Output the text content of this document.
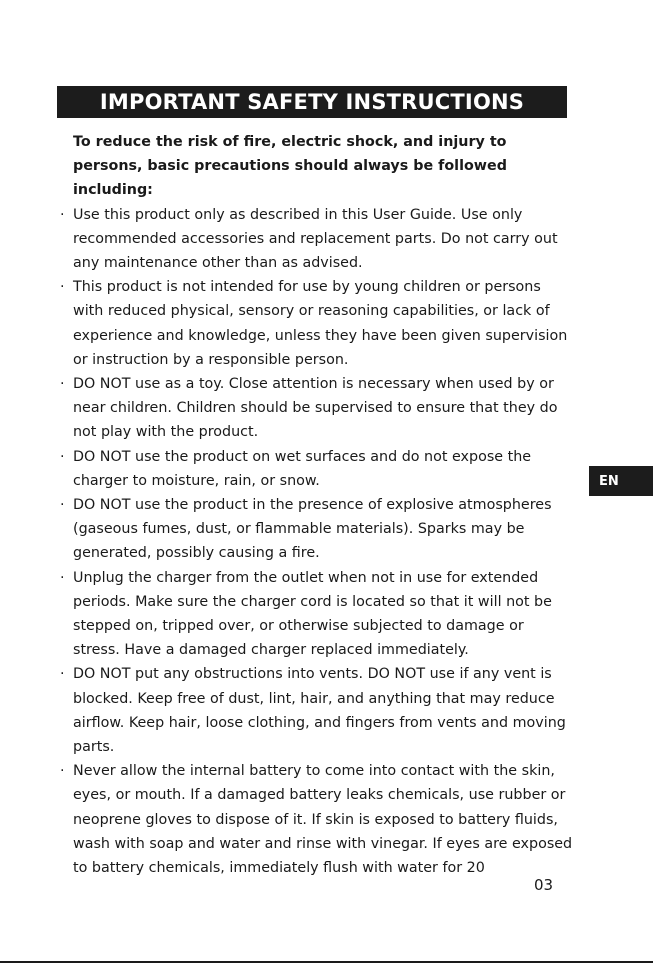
IMPORTANT SAFETY INSTRUCTIONS

To reduce the risk of fire, electric shock, and injury to persons, basic precautions should always be followed including:

· Use this product only as described in this User Guide. Use only recommended accessories and replacement parts. Do not carry out any maintenance other than as advised.
· This product is not intended for use by young children or persons with reduced physical, sensory or reasoning capabilities, or lack of experience and knowledge, unless they have been given supervision or instruction by a responsible person.
· DO NOT use as a toy. Close attention is necessary when used by or near children. Children should be supervised to ensure that they do not play with the product.
· DO NOT use the product on wet surfaces and do not expose the charger to moisture, rain, or snow.
· DO NOT use the product in the presence of explosive atmospheres (gaseous fumes, dust, or flammable materials). Sparks may be generated, possibly causing a fire.
· Unplug the charger from the outlet when not in use for extended periods. Make sure the charger cord is located so that it will not be stepped on, tripped over, or otherwise subjected to damage or stress. Have a damaged charger replaced immediately.
· DO NOT put any obstructions into vents. DO NOT use if any vent is blocked. Keep free of dust, lint, hair, and anything that may reduce airflow. Keep hair, loose clothing, and fingers from vents and moving parts.
· Never allow the internal battery to come into contact with the skin, eyes, or mouth. If a damaged battery leaks chemicals, use rubber or neoprene gloves to dispose of it. If skin is exposed to battery fluids, wash with soap and water and rinse with vinegar. If eyes are exposed to battery chemicals, immediately flush with water for 20
EN
03
